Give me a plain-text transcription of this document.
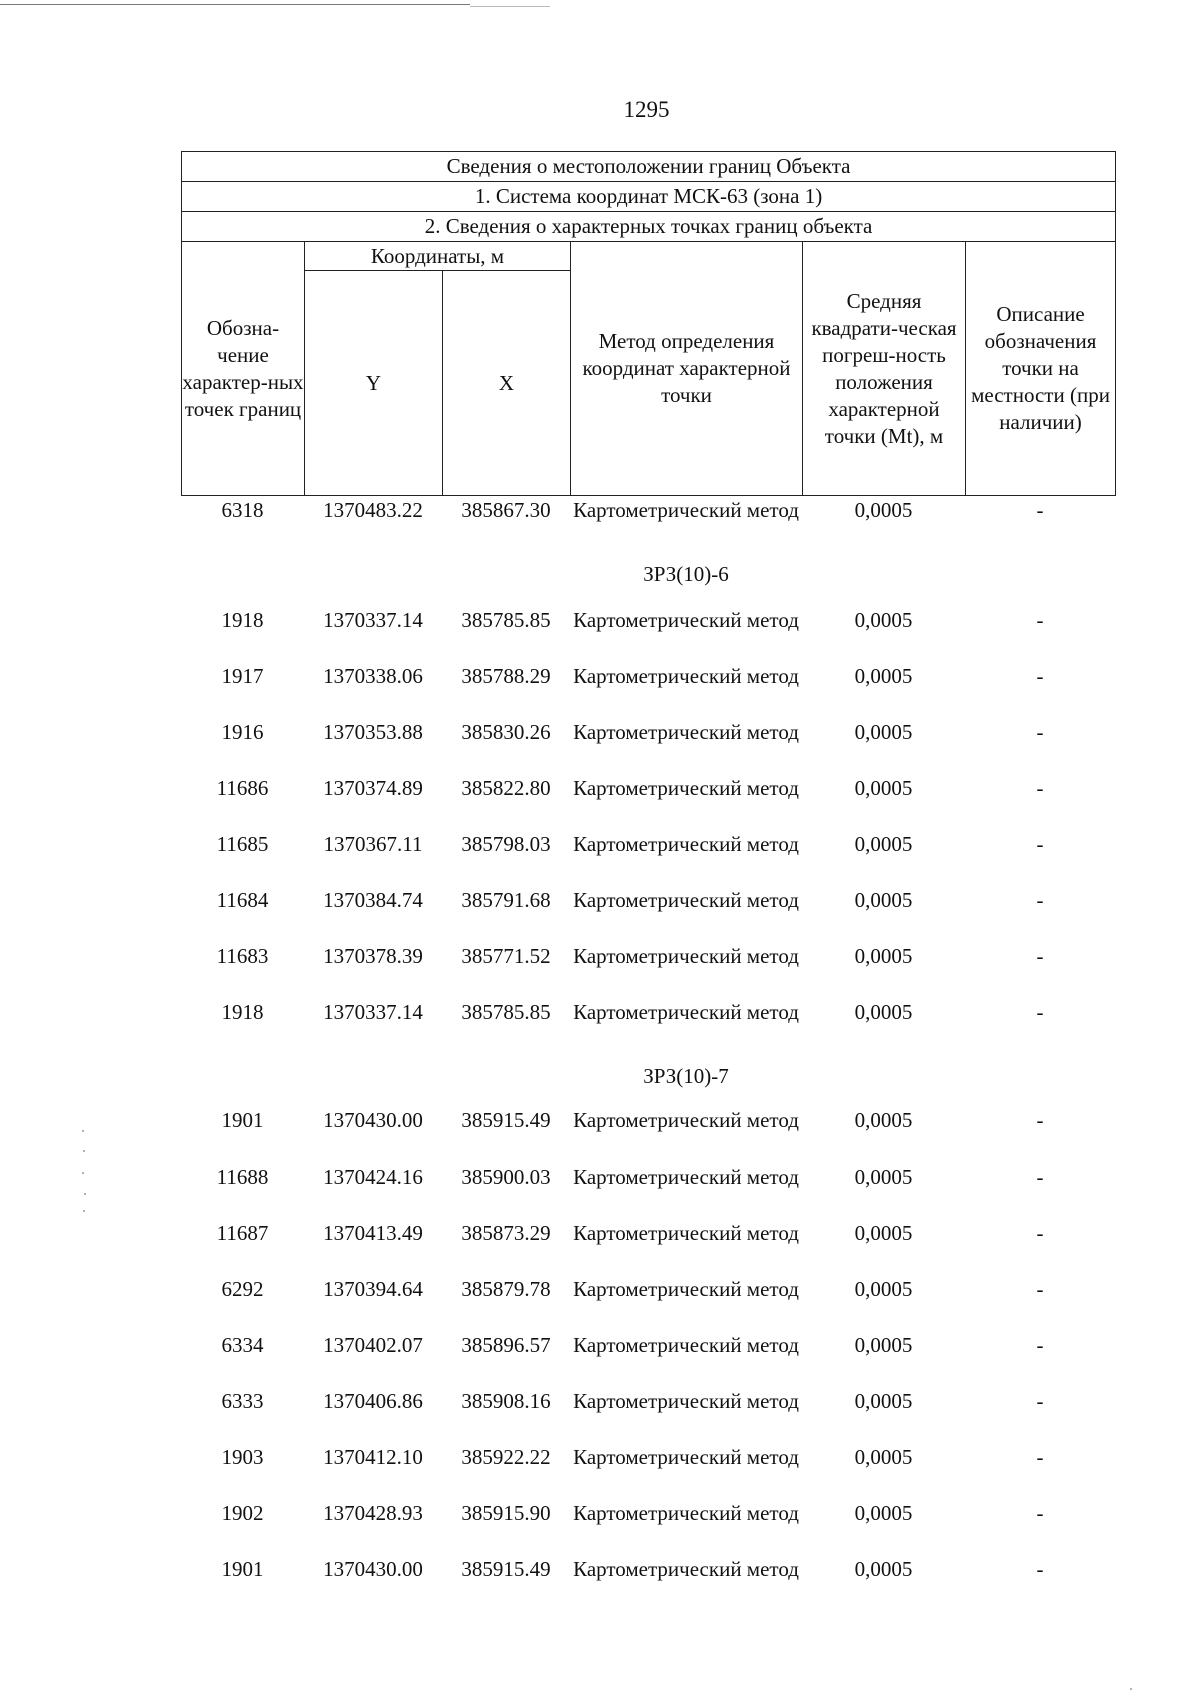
1295
Сведения о местоположении границ Объекта					
1. Система координат МСК-63 (зона 1)					
2. Сведения о характерных точках границ объекта					
Обозна-чение характер-ных точек границ	Координаты, м		Метод определения координат характерной точки	Средняя квадрати-ческая погреш-ность положения характерной точки (Mt), м	Описание обозначения точки на местности (при наличии)
	Y	X			
6318	1370483.22	385867.30	Картометрический метод	0,0005	-
ЗРЗ(10)-6
1918	1370337.14	385785.85	Картометрический метод	0,0005	-
1917	1370338.06	385788.29	Картометрический метод	0,0005	-
1916	1370353.88	385830.26	Картометрический метод	0,0005	-
11686	1370374.89	385822.80	Картометрический метод	0,0005	-
11685	1370367.11	385798.03	Картометрический метод	0,0005	-
11684	1370384.74	385791.68	Картометрический метод	0,0005	-
11683	1370378.39	385771.52	Картометрический метод	0,0005	-
1918	1370337.14	385785.85	Картометрический метод	0,0005	-
ЗРЗ(10)-7
1901	1370430.00	385915.49	Картометрический метод	0,0005	-
11688	1370424.16	385900.03	Картометрический метод	0,0005	-
11687	1370413.49	385873.29	Картометрический метод	0,0005	-
6292	1370394.64	385879.78	Картометрический метод	0,0005	-
6334	1370402.07	385896.57	Картометрический метод	0,0005	-
6333	1370406.86	385908.16	Картометрический метод	0,0005	-
1903	1370412.10	385922.22	Картометрический метод	0,0005	-
1902	1370428.93	385915.90	Картометрический метод	0,0005	-
1901	1370430.00	385915.49	Картометрический метод	0,0005	-
